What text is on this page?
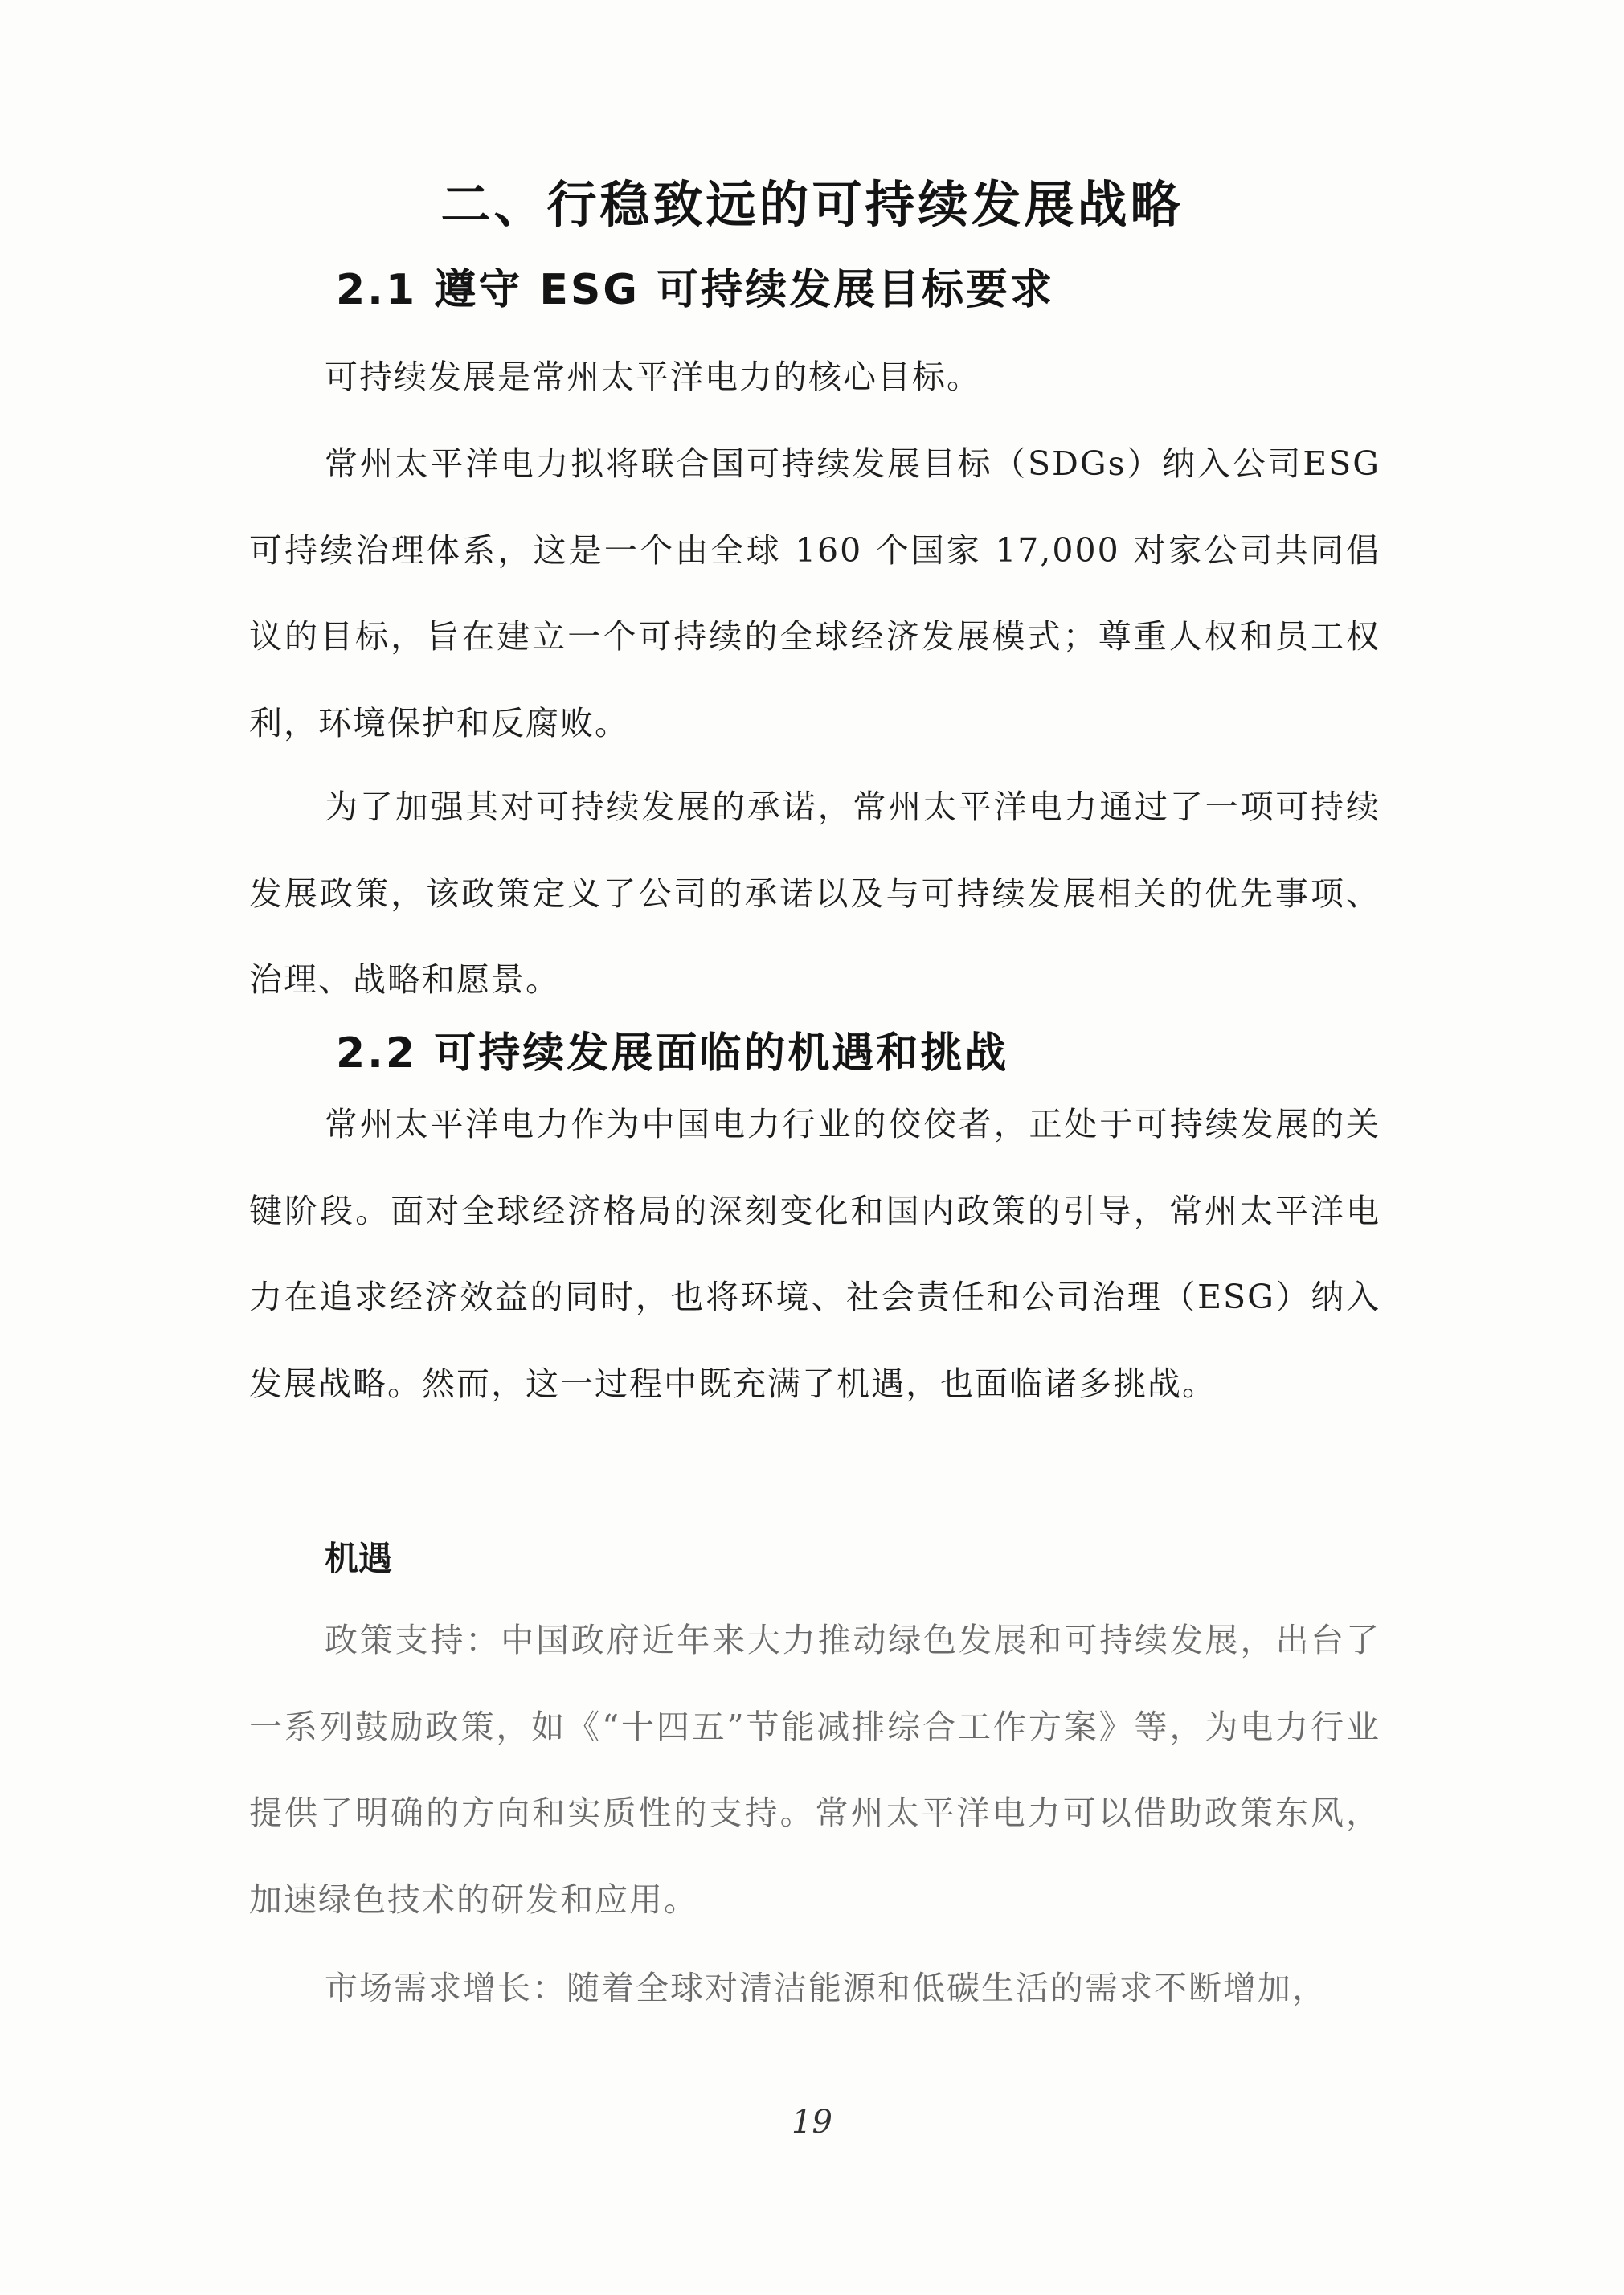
二、行稳致远的可持续发展战略
2.1 遵守 ESG 可持续发展目标要求

可持续发展是常州太平洋电力的核心目标。

常州太平洋电力拟将联合国可持续发展目标（SDGs）纳入公司ESG 可持续治理体系，这是一个由全球 160 个国家 17,000 对家公司共同倡议的目标，旨在建立一个可持续的全球经济发展模式；尊重人权和员工权利，环境保护和反腐败。

为了加强其对可持续发展的承诺，常州太平洋电力通过了一项可持续发展政策，该政策定义了公司的承诺以及与可持续发展相关的优先事项、治理、战略和愿景。

2.2 可持续发展面临的机遇和挑战

常州太平洋电力作为中国电力行业的佼佼者，正处于可持续发展的关键阶段。面对全球经济格局的深刻变化和国内政策的引导，常州太平洋电力在追求经济效益的同时，也将环境、社会责任和公司治理（ESG）纳入发展战略。然而，这一过程中既充满了机遇，也面临诸多挑战。

机遇

政策支持：中国政府近年来大力推动绿色发展和可持续发展，出台了一系列鼓励政策，如《“十四五”节能减排综合工作方案》等，为电力行业提供了明确的方向和实质性的支持。常州太平洋电力可以借助政策东风，加速绿色技术的研发和应用。

市场需求增长：随着全球对清洁能源和低碳生活的需求不断增加，

19
